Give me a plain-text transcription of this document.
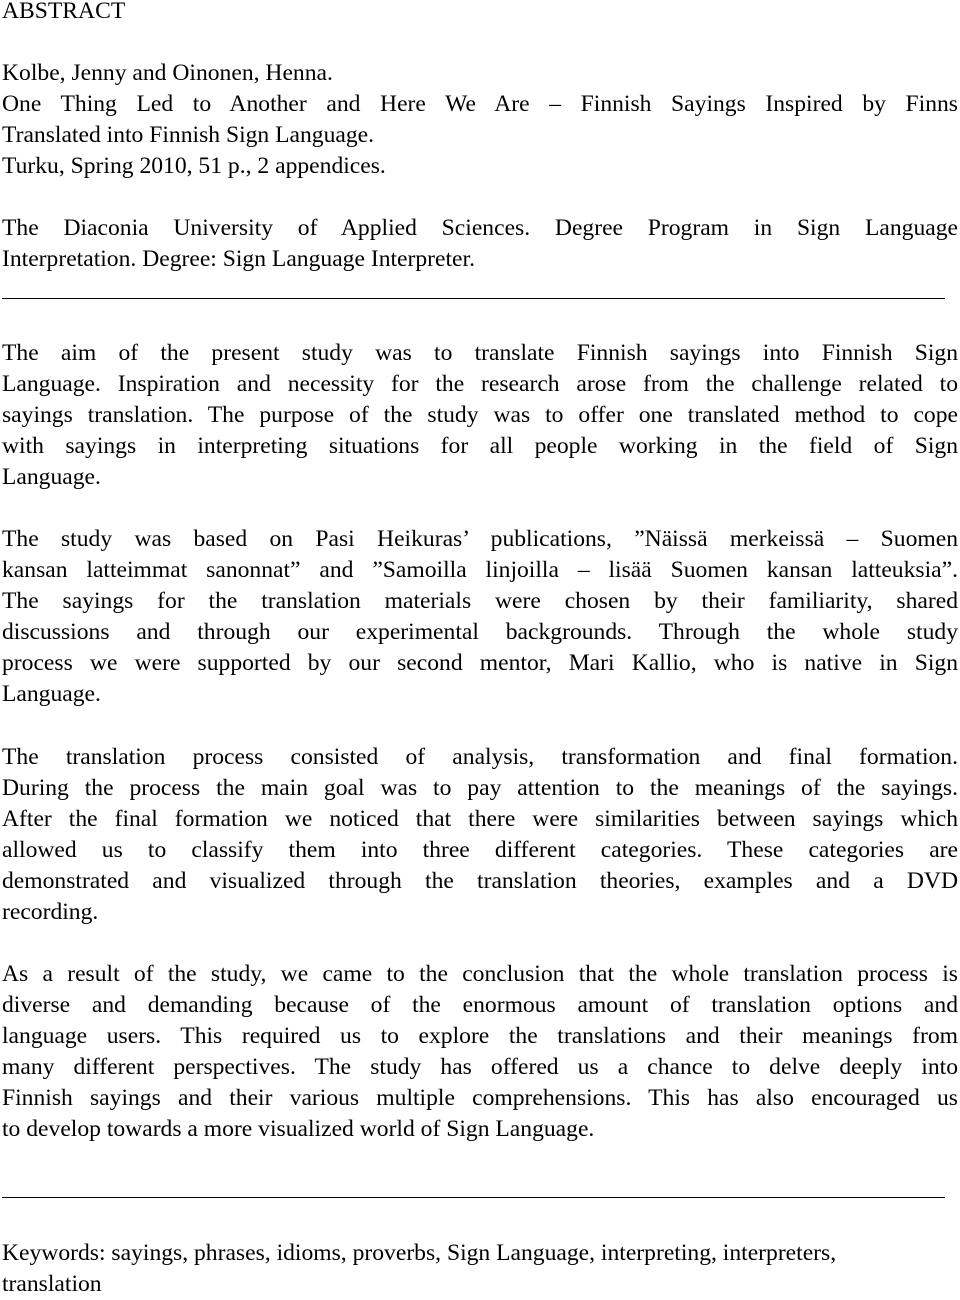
ABSTRACT
Kolbe, Jenny and Oinonen, Henna.
One Thing Led to Another and Here We Are – Finnish Sayings Inspired by Finns
Translated into Finnish Sign Language.
Turku, Spring 2010, 51 p., 2 appendices.
The Diaconia University of Applied Sciences. Degree Program in Sign Language
Interpretation. Degree: Sign Language Interpreter.
The aim of the present study was to translate Finnish sayings into Finnish Sign
Language. Inspiration and necessity for the research arose from the challenge related to
sayings translation. The purpose of the study was to offer one translated method to cope
with sayings in interpreting situations for all people working in the field of Sign
Language.
The study was based on Pasi Heikuras’ publications, ”Näissä merkeissä – Suomen
kansan latteimmat sanonnat” and ”Samoilla linjoilla – lisää Suomen kansan latteuksia”.
The sayings for the translation materials were chosen by their familiarity, shared
discussions and through our experimental backgrounds. Through the whole study
process we were supported by our second mentor, Mari Kallio, who is native in Sign
Language.
The translation process consisted of analysis, transformation and final formation.
During the process the main goal was to pay attention to the meanings of the sayings.
After the final formation we noticed that there were similarities between sayings which
allowed us to classify them into three different categories. These categories are
demonstrated and visualized through the translation theories, examples and a DVD
recording.
As a result of the study, we came to the conclusion that the whole translation process is
diverse and demanding because of the enormous amount of translation options and
language users. This required us to explore the translations and their meanings from
many different perspectives. The study has offered us a chance to delve deeply into
Finnish sayings and their various multiple comprehensions. This has also encouraged us
to develop towards a more visualized world of Sign Language.
Keywords: sayings, phrases, idioms, proverbs, Sign Language, interpreting, interpreters,
translation
